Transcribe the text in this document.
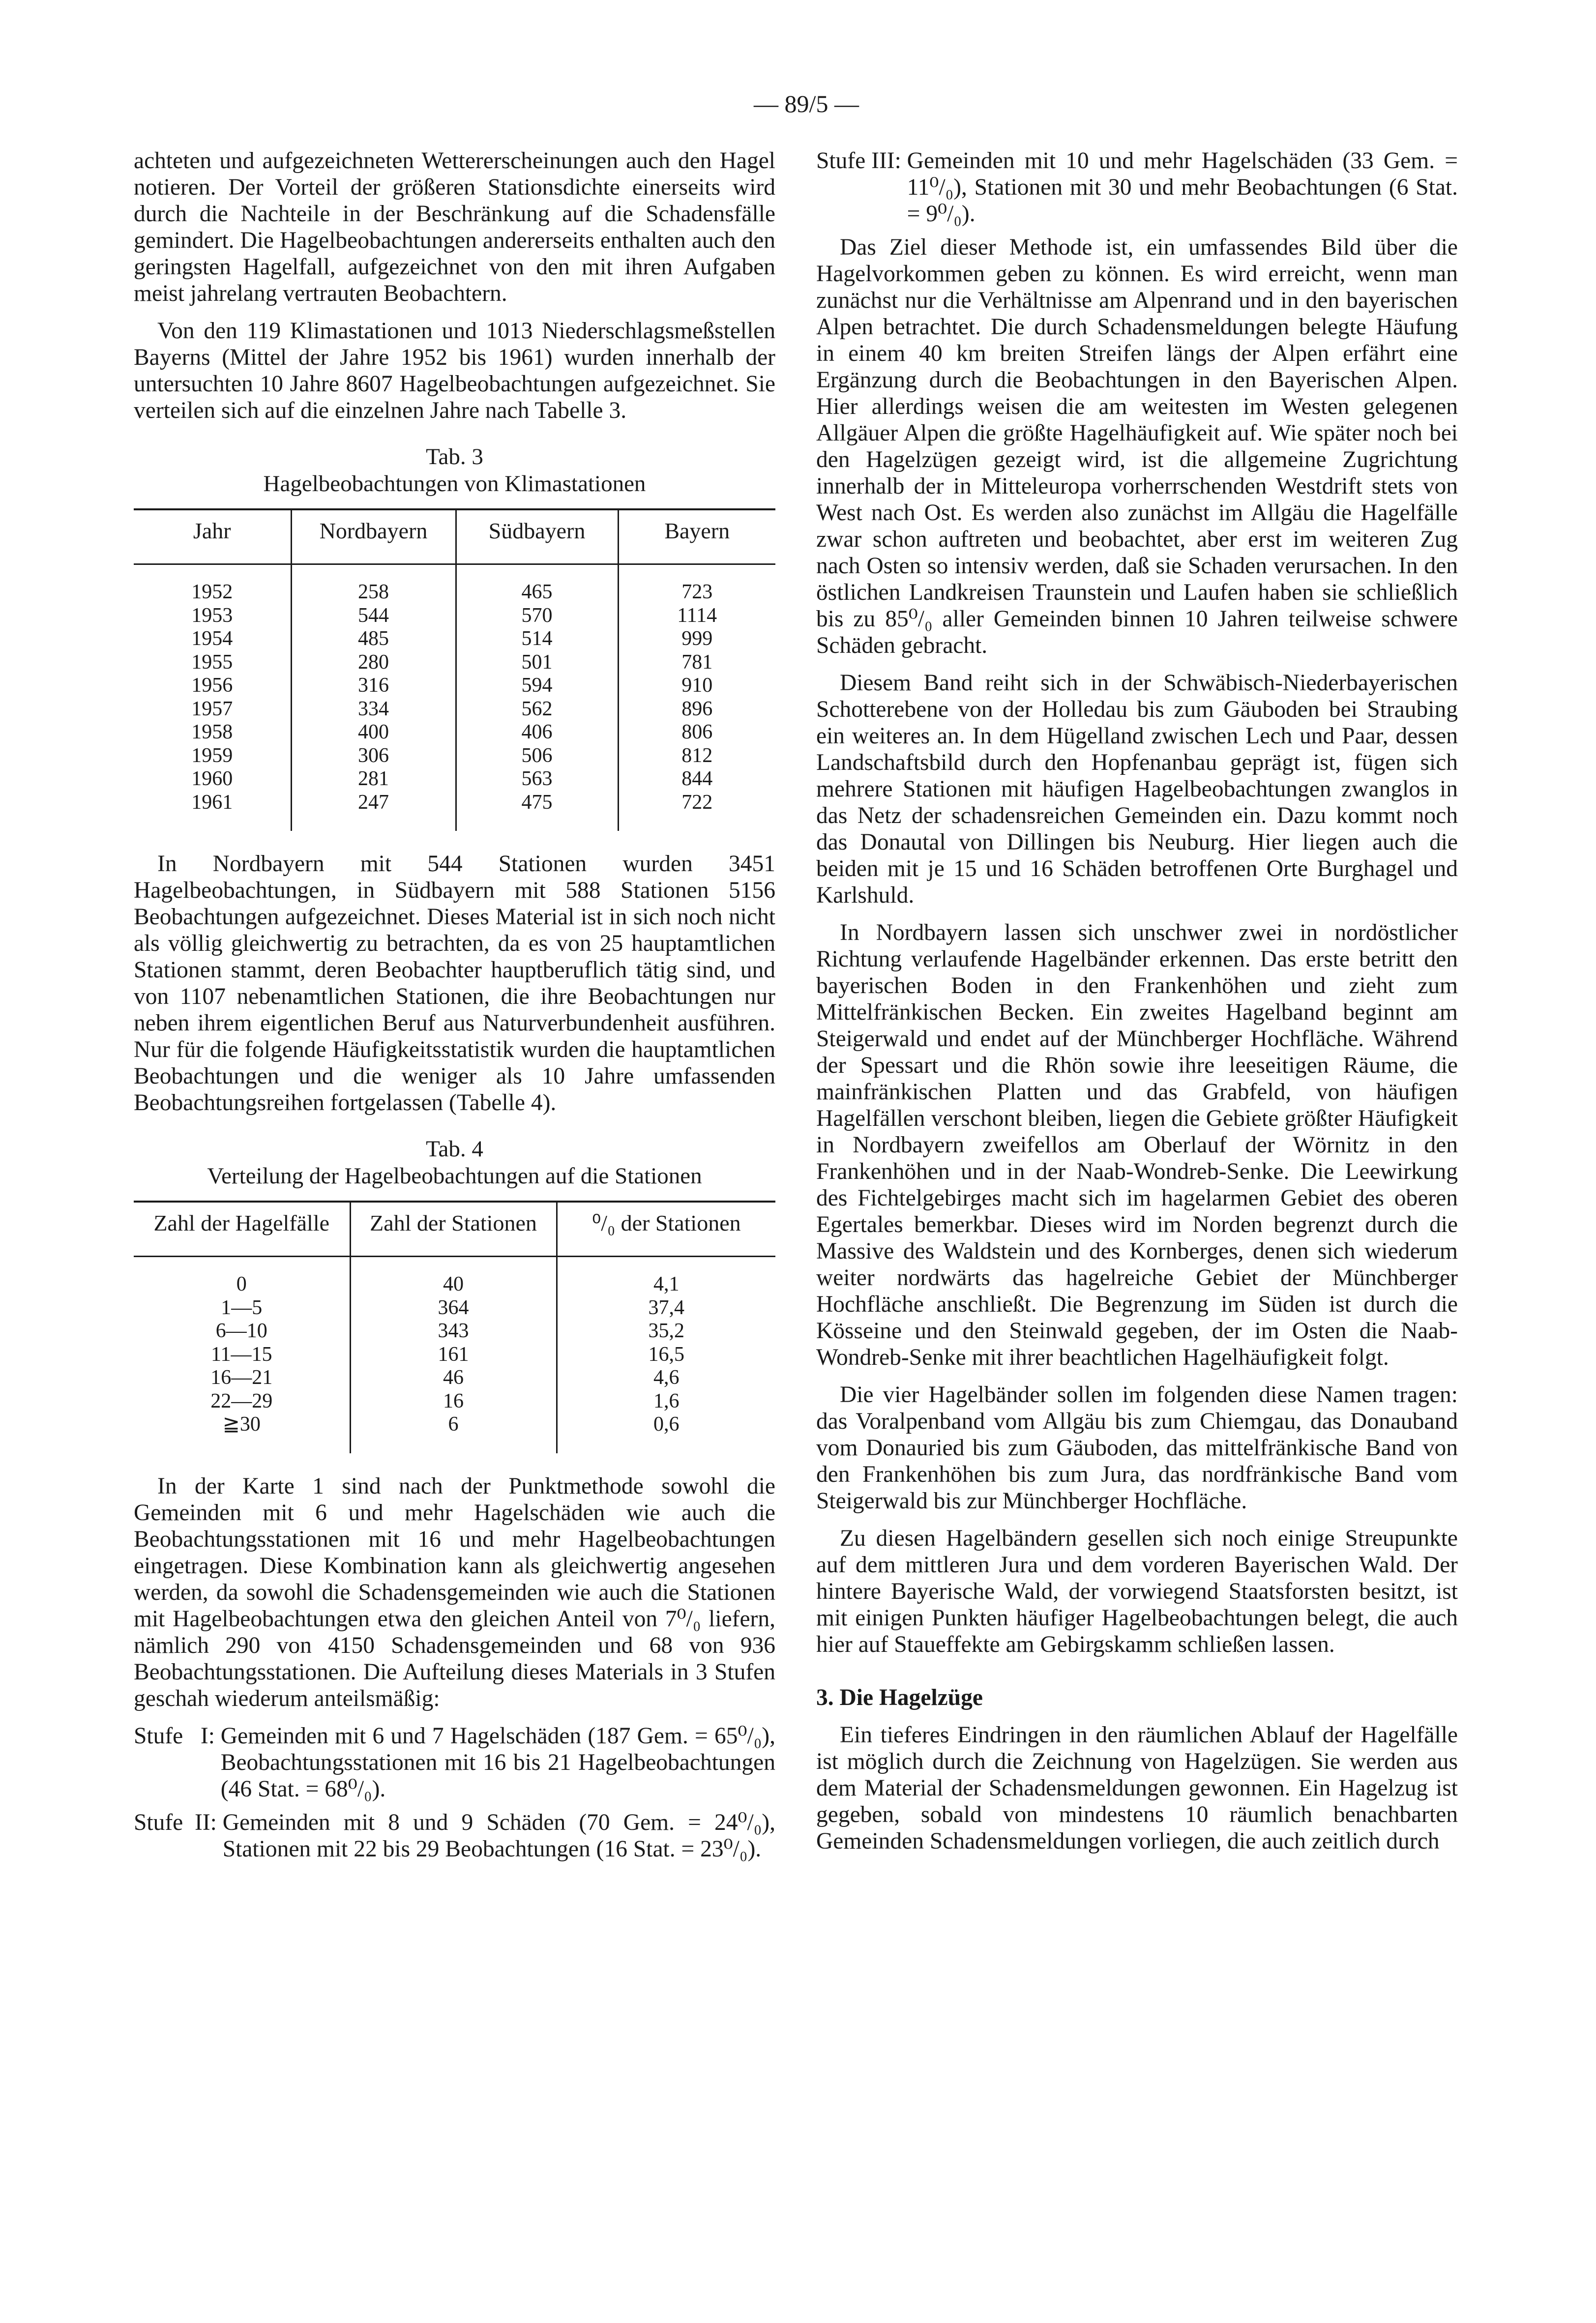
— 89/5 —

achteten und aufgezeichneten Wettererscheinungen auch den Hagel notieren. Der Vorteil der größeren Stationsdichte einerseits wird durch die Nachteile in der Beschränkung auf die Schadensfälle gemindert. Die Hagelbeobachtungen andererseits enthalten auch den geringsten Hagelfall, aufgezeichnet von den mit ihren Aufgaben meist jahrelang vertrauten Beobachtern.

Von den 119 Klimastationen und 1013 Niederschlagsmeßstellen Bayerns (Mittel der Jahre 1952 bis 1961) wurden innerhalb der untersuchten 10 Jahre 8607 Hagelbeobachtungen aufgezeichnet. Sie verteilen sich auf die einzelnen Jahre nach Tabelle 3.

Tab. 3
Hagelbeobachtungen von Klimastationen
Jahr	Nordbayern	Südbayern	Bayern
1952	258	465	723
1953	544	570	1114
1954	485	514	999
1955	280	501	781
1956	316	594	910
1957	334	562	896
1958	400	406	806
1959	306	506	812
1960	281	563	844
1961	247	475	722

In Nordbayern mit 544 Stationen wurden 3451 Hagelbeobachtungen, in Südbayern mit 588 Stationen 5156 Beobachtungen aufgezeichnet. Dieses Material ist in sich noch nicht als völlig gleichwertig zu betrachten, da es von 25 hauptamtlichen Stationen stammt, deren Beobachter hauptberuflich tätig sind, und von 1107 nebenamtlichen Stationen, die ihre Beobachtungen nur neben ihrem eigentlichen Beruf aus Naturverbundenheit ausführen. Nur für die folgende Häufigkeitsstatistik wurden die hauptamtlichen Beobachtungen und die weniger als 10 Jahre umfassenden Beobachtungsreihen fortgelassen (Tabelle 4).

Tab. 4
Verteilung der Hagelbeobachtungen auf die Stationen
Zahl der Hagelfälle	Zahl der Stationen	⁰/₀ der Stationen
0	40	4,1
1—5	364	37,4
6—10	343	35,2
11—15	161	16,5
16—21	46	4,6
22—29	16	1,6
≧30	6	0,6

In der Karte 1 sind nach der Punktmethode sowohl die Gemeinden mit 6 und mehr Hagelschäden wie auch die Beobachtungsstationen mit 16 und mehr Hagelbeobachtungen eingetragen. Diese Kombination kann als gleichwertig angesehen werden, da sowohl die Schadensgemeinden wie auch die Stationen mit Hagelbeobachtungen etwa den gleichen Anteil von 7⁰/₀ liefern, nämlich 290 von 4150 Schadensgemeinden und 68 von 936 Beobachtungsstationen. Die Aufteilung dieses Materials in 3 Stufen geschah wiederum anteilsmäßig:

Stufe   I: Gemeinden mit 6 und 7 Hagelschäden (187 Gem. = 65⁰/₀), Beobachtungsstationen mit 16 bis 21 Hagelbeobachtungen (46 Stat. = 68⁰/₀).
Stufe  II: Gemeinden mit 8 und 9 Schäden (70 Gem. = 24⁰/₀), Stationen mit 22 bis 29 Beobachtungen (16 Stat. = 23⁰/₀).
Stufe III: Gemeinden mit 10 und mehr Hagelschäden (33 Gem. = 11⁰/₀), Stationen mit 30 und mehr Beobachtungen (6 Stat. = 9⁰/₀).

Das Ziel dieser Methode ist, ein umfassendes Bild über die Hagelvorkommen geben zu können. Es wird erreicht, wenn man zunächst nur die Verhältnisse am Alpenrand und in den bayerischen Alpen betrachtet. Die durch Schadensmeldungen belegte Häufung in einem 40 km breiten Streifen längs der Alpen erfährt eine Ergänzung durch die Beobachtungen in den Bayerischen Alpen. Hier allerdings weisen die am weitesten im Westen gelegenen Allgäuer Alpen die größte Hagelhäufigkeit auf. Wie später noch bei den Hagelzügen gezeigt wird, ist die allgemeine Zugrichtung innerhalb der in Mitteleuropa vorherrschenden Westdrift stets von West nach Ost. Es werden also zunächst im Allgäu die Hagelfälle zwar schon auftreten und beobachtet, aber erst im weiteren Zug nach Osten so intensiv werden, daß sie Schaden verursachen. In den östlichen Landkreisen Traunstein und Laufen haben sie schließlich bis zu 85⁰/₀ aller Gemeinden binnen 10 Jahren teilweise schwere Schäden gebracht.

Diesem Band reiht sich in der Schwäbisch-Niederbayerischen Schotterebene von der Holledau bis zum Gäuboden bei Straubing ein weiteres an. In dem Hügelland zwischen Lech und Paar, dessen Landschaftsbild durch den Hopfenanbau geprägt ist, fügen sich mehrere Stationen mit häufigen Hagelbeobachtungen zwanglos in das Netz der schadensreichen Gemeinden ein. Dazu kommt noch das Donautal von Dillingen bis Neuburg. Hier liegen auch die beiden mit je 15 und 16 Schäden betroffenen Orte Burghagel und Karlshuld.

In Nordbayern lassen sich unschwer zwei in nordöstlicher Richtung verlaufende Hagelbänder erkennen. Das erste betritt den bayerischen Boden in den Frankenhöhen und zieht zum Mittelfränkischen Becken. Ein zweites Hagelband beginnt am Steigerwald und endet auf der Münchberger Hochfläche. Während der Spessart und die Rhön sowie ihre leeseitigen Räume, die mainfränkischen Platten und das Grabfeld, von häufigen Hagelfällen verschont bleiben, liegen die Gebiete größter Häufigkeit in Nordbayern zweifellos am Oberlauf der Wörnitz in den Frankenhöhen und in der Naab-Wondreb-Senke. Die Leewirkung des Fichtelgebirges macht sich im hagelarmen Gebiet des oberen Egertales bemerkbar. Dieses wird im Norden begrenzt durch die Massive des Waldstein und des Kornberges, denen sich wiederum weiter nordwärts das hagelreiche Gebiet der Münchberger Hochfläche anschließt. Die Begrenzung im Süden ist durch die Kösseine und den Steinwald gegeben, der im Osten die Naab-Wondreb-Senke mit ihrer beachtlichen Hagelhäufigkeit folgt.

Die vier Hagelbänder sollen im folgenden diese Namen tragen: das Voralpenband vom Allgäu bis zum Chiemgau, das Donauband vom Donauried bis zum Gäuboden, das mittelfränkische Band von den Frankenhöhen bis zum Jura, das nordfränkische Band vom Steigerwald bis zur Münchberger Hochfläche.

Zu diesen Hagelbändern gesellen sich noch einige Streupunkte auf dem mittleren Jura und dem vorderen Bayerischen Wald. Der hintere Bayerische Wald, der vorwiegend Staatsforsten besitzt, ist mit einigen Punkten häufiger Hagelbeobachtungen belegt, die auch hier auf Staueffekte am Gebirgskamm schließen lassen.

3. Die Hagelzüge

Ein tieferes Eindringen in den räumlichen Ablauf der Hagelfälle ist möglich durch die Zeichnung von Hagelzügen. Sie werden aus dem Material der Schadensmeldungen gewonnen. Ein Hagelzug ist gegeben, sobald von mindestens 10 räumlich benachbarten Gemeinden Schadensmeldungen vorliegen, die auch zeitlich durch
